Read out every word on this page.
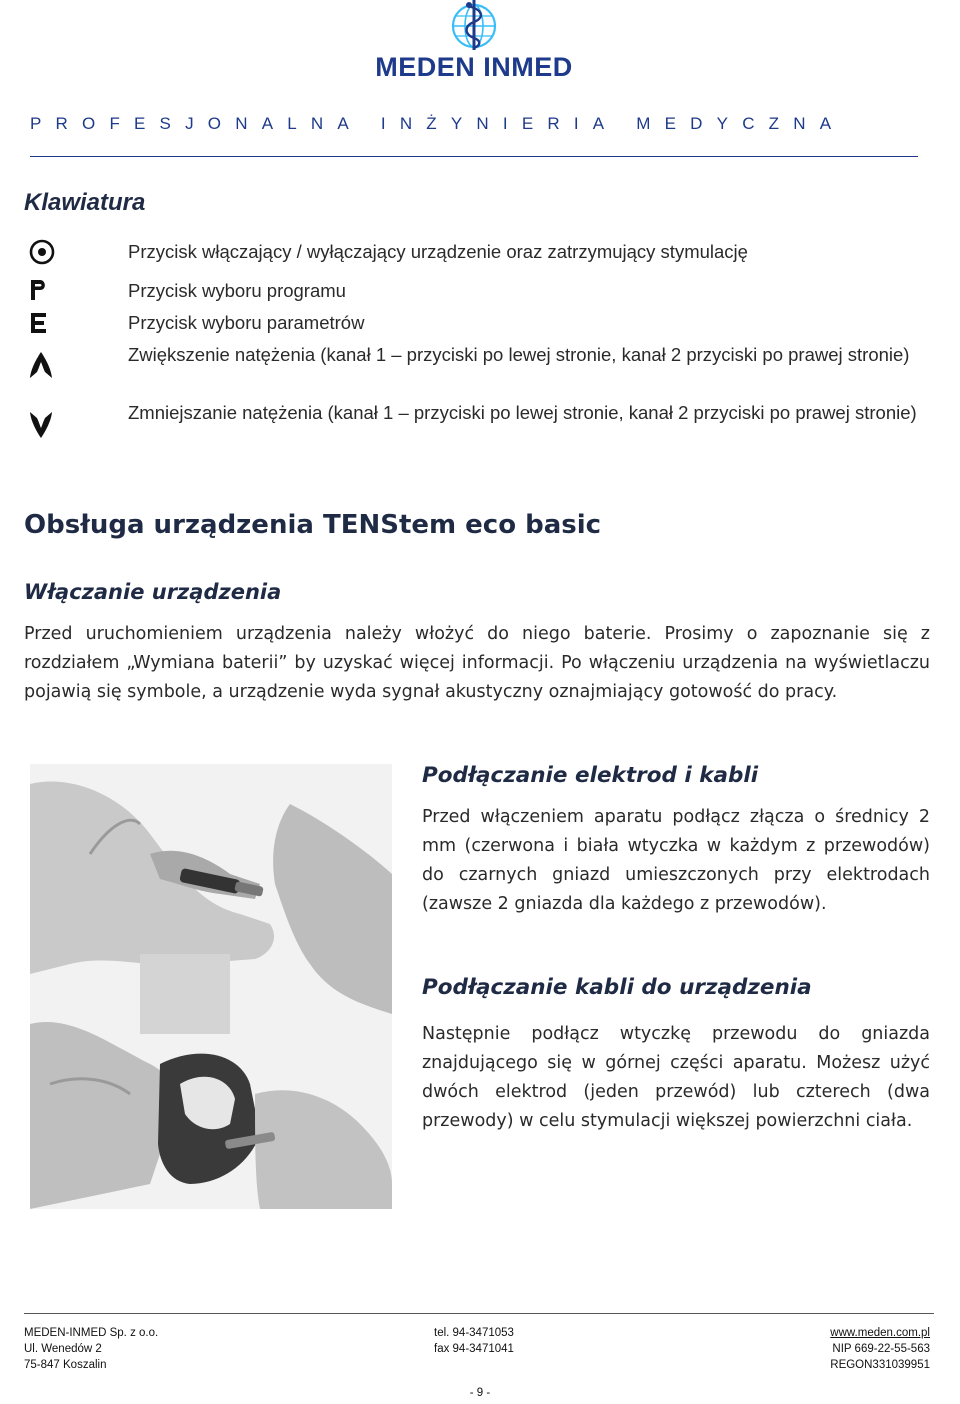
MEDEN INMED
PROFESJONALNA INŻYNIERIA MEDYCZNA
Klawiatura
Przycisk włączający / wyłączający urządzenie oraz zatrzymujący stymulację
Przycisk wyboru programu
Przycisk wyboru parametrów
Zwiększenie natężenia (kanał 1 – przyciski po lewej stronie, kanał 2 przyciski po prawej stronie)
Zmniejszanie natężenia (kanał 1 – przyciski po lewej stronie, kanał 2 przyciski po prawej stronie)
Obsługa urządzenia TENStem eco basic
Włączanie urządzenia
Przed uruchomieniem urządzenia należy włożyć do niego baterie. Prosimy o zapoznanie się z rozdziałem „Wymiana baterii” by uzyskać więcej informacji. Po włączeniu urządzenia na wyświetlaczu pojawią się symbole, a urządzenie wyda sygnał akustyczny oznajmiający gotowość do pracy.
Podłączanie elektrod i kabli
Przed włączeniem aparatu podłącz złącza o średnicy 2 mm (czerwona i biała wtyczka w każdym z przewodów) do czarnych gniazd umieszczonych przy elektrodach (zawsze 2 gniazda dla każdego z przewodów).
Podłączanie kabli do urządzenia
Następnie podłącz wtyczkę przewodu do gniazda znajdującego się w górnej części aparatu. Możesz użyć dwóch elektrod (jeden przewód) lub czterech (dwa przewody) w celu stymulacji większej powierzchni ciała.
MEDEN-INMED Sp. z o.o.
Ul. Wenedów 2
75-847 Koszalin
tel. 94-3471053
fax 94-3471041
www.meden.com.pl
NIP 669-22-55-563
REGON331039951
- 9 -
